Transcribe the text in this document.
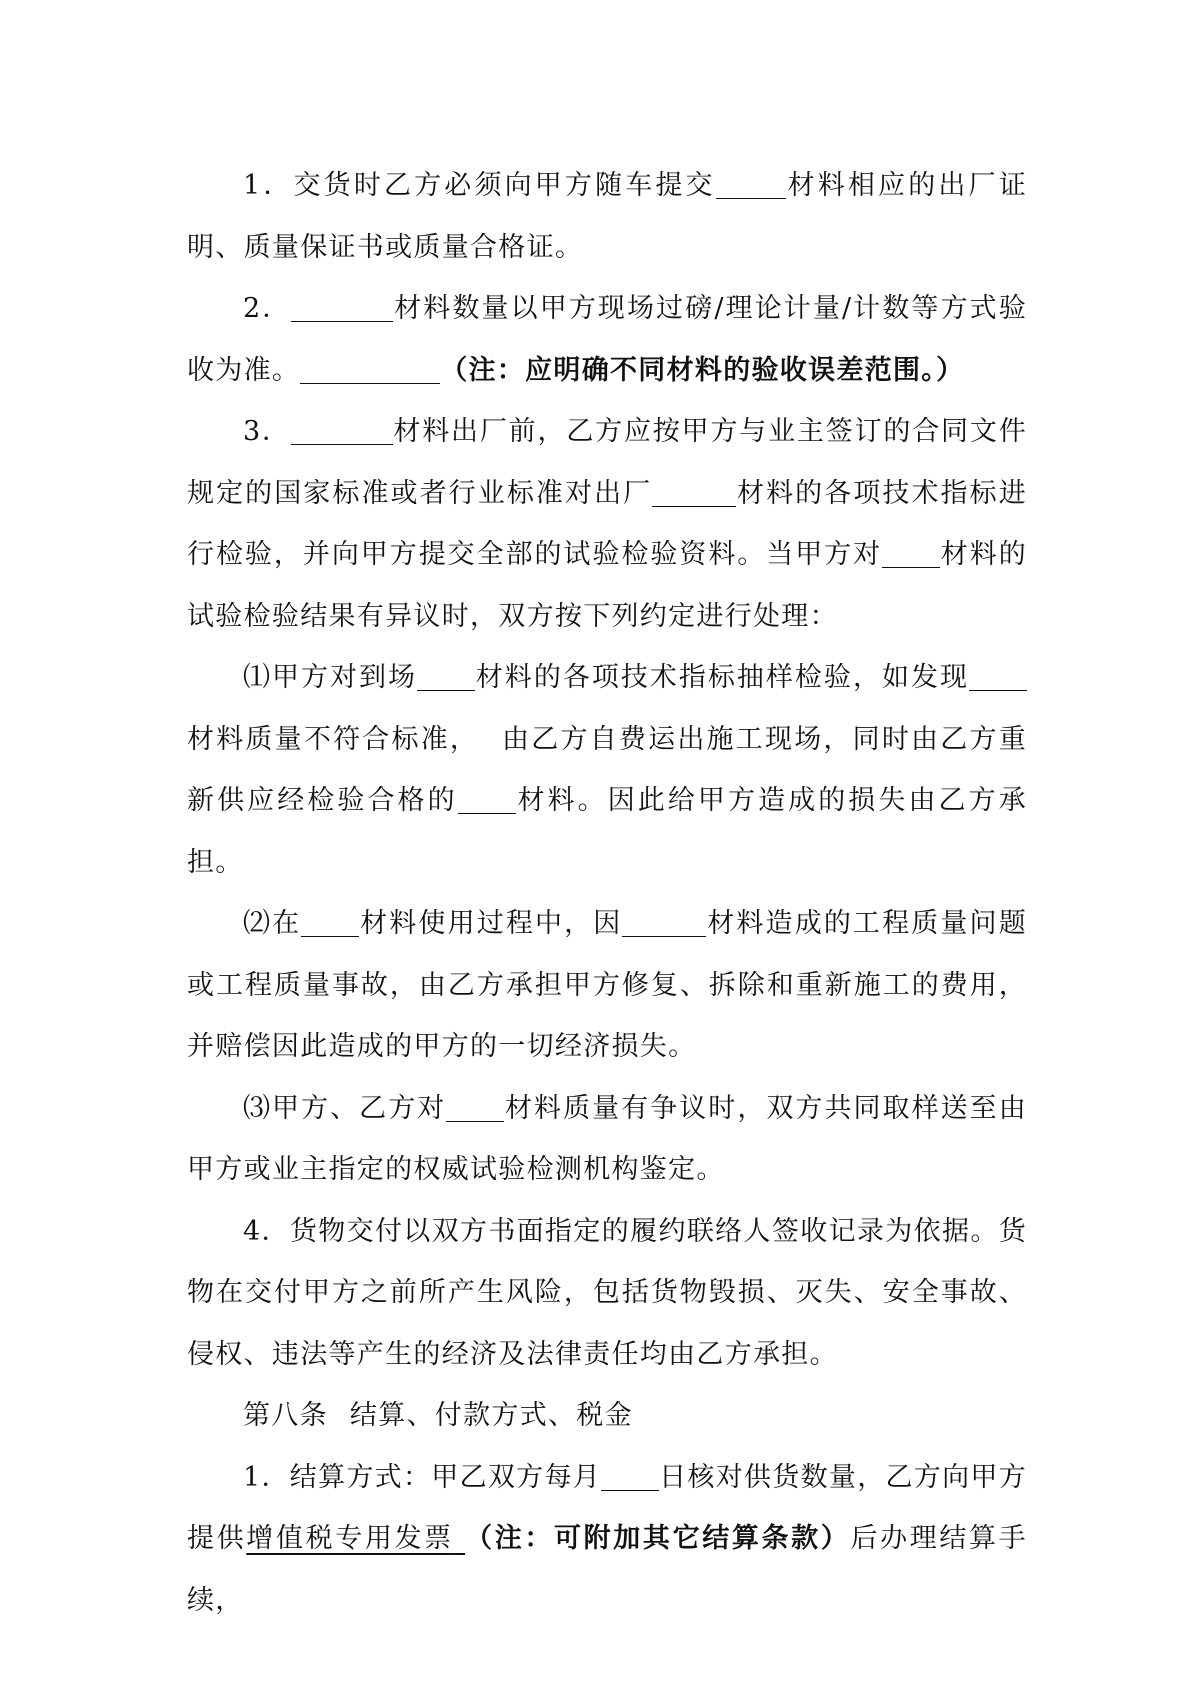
1．交货时乙方必须向甲方随车提交	材料相应的出厂证明、质量保证书或质量合格证。

2．	材料数量以甲方现场过磅/理论计量/计数等方式验收为准。	（注：应明确不同材料的验收误差范围。）

3．	材料出厂前，乙方应按甲方与业主签订的合同文件规定的国家标准或者行业标准对出厂	材料的各项技术指标进行检验，并向甲方提交全部的试验检验资料。当甲方对 材料的试验检验结果有异议时，双方按下列约定进行处理：

⑴甲方对到场 材料的各项技术指标抽样检验，如发现材料质量不符合标准， 由乙方自费运出施工现场，同时由乙方重新供应经检验合格的 材料。因此给甲方造成的损失由乙方承担。

⑵在 材料使用过程中，因	材料造成的工程质量问题或工程质量事故，由乙方承担甲方修复、拆除和重新施工的费用，并赔偿因此造成的甲方的一切经济损失。

⑶甲方、乙方对 材料质量有争议时，双方共同取样送至由甲方或业主指定的权威试验检测机构鉴定。

4．货物交付以双方书面指定的履约联络人签收记录为依据。货物在交付甲方之前所产生风险，包括货物毁损、灭失、安全事故、侵权、违法等产生的经济及法律责任均由乙方承担。

第八条 结算、付款方式、税金

1．结算方式：甲乙双方每月 日核对供货数量，乙方向甲方提供增值税专用发票 （注：可附加其它结算条款）后办理结算手续，
